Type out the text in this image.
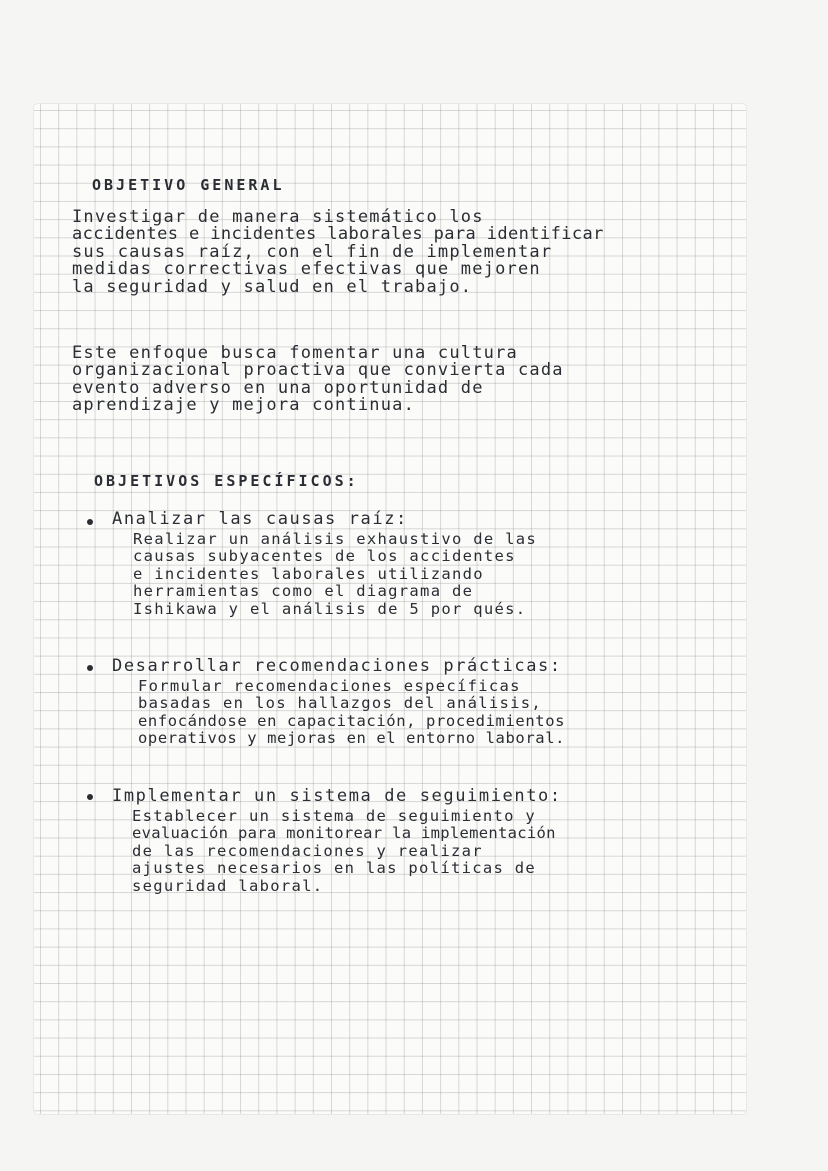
OBJETIVO GENERAL
Investigar de manera sistemático los
accidentes e incidentes laborales para identificar
sus causas raíz, con el fin de implementar
medidas correctivas efectivas que mejoren
la seguridad y salud en el trabajo.
Este enfoque busca fomentar una cultura
organizacional proactiva que convierta cada
evento adverso en una oportunidad de
aprendizaje y mejora continua.
OBJETIVOS ESPECÍFICOS:
Analizar las causas raíz:
Realizar un análisis exhaustivo de las
causas subyacentes de los accidentes
e incidentes laborales utilizando
herramientas como el diagrama de
Ishikawa y el análisis de 5 por qués.
Desarrollar recomendaciones prácticas:
Formular recomendaciones específicas
basadas en los hallazgos del análisis,
enfocándose en capacitación, procedimientos
operativos y mejoras en el entorno laboral.
Implementar un sistema de seguimiento:
Establecer un sistema de seguimiento y
evaluación para monitorear la implementación
de las recomendaciones y realizar
ajustes necesarios en las políticas de
seguridad laboral.
